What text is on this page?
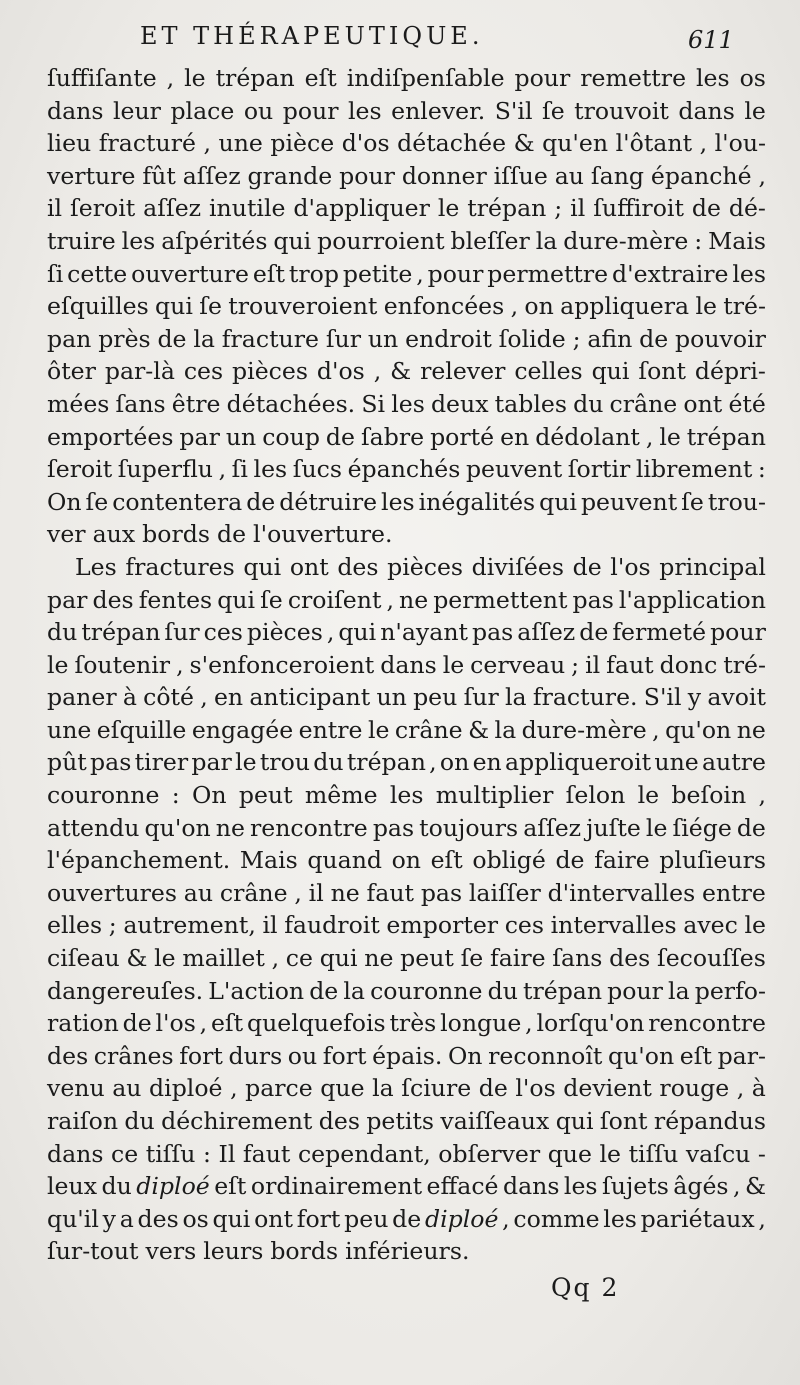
ET THÉRAPEUTIQUE.	611
ſuffiſante , le trépan eſt indiſpenſable pour remettre les os
dans leur place ou pour les enlever. S'il ſe trouvoit dans le
lieu fracturé , une pièce d'os détachée & qu'en l'ôtant , l'ou-
verture fût aſſez grande pour donner iſſue au ſang épanché ,
il ſeroit aſſez inutile d'appliquer le trépan ; il ſuffiroit de dé-
truire les aſpérités qui pourroient bleſſer la dure-mère : Mais
ſi cette ouverture eſt trop petite , pour permettre d'extraire les
eſquilles qui ſe trouveroient enfoncées , on appliquera le tré-
pan près de la fracture ſur un endroit ſolide ; afin de pouvoir
ôter par-là ces pièces d'os , & relever celles qui ſont dépri-
mées ſans être détachées. Si les deux tables du crâne ont été
emportées par un coup de ſabre porté en dédolant , le trépan
ſeroit ſuperflu , ſi les ſucs épanchés peuvent ſortir librement :
On ſe contentera de détruire les inégalités qui peuvent ſe trou-
ver aux bords de l'ouverture.
Les fractures qui ont des pièces diviſées de l'os principal
par des fentes qui ſe croiſent , ne permettent pas l'application
du trépan ſur ces pièces , qui n'ayant pas aſſez de fermeté pour
le ſoutenir , s'enfonceroient dans le cerveau ; il faut donc tré-
paner à côté , en anticipant un peu ſur la fracture. S'il y avoit
une eſquille engagée entre le crâne & la dure-mère , qu'on ne
pût pas tirer par le trou du trépan , on en appliqueroit une autre
couronne : On peut même les multiplier ſelon le beſoin ,
attendu qu'on ne rencontre pas toujours aſſez juſte le ſiége de
l'épanchement. Mais quand on eſt obligé de faire pluſieurs
ouvertures au crâne , il ne faut pas laiſſer d'intervalles entre
elles ; autrement, il faudroit emporter ces intervalles avec le
ciſeau & le maillet , ce qui ne peut ſe faire ſans des ſecouſſes
dangereuſes. L'action de la couronne du trépan pour la perfo-
ration de l'os , eſt quelquefois très longue , lorſqu'on rencontre
des crânes fort durs ou fort épais. On reconnoît qu'on eſt par-
venu au diploé , parce que la ſciure de l'os devient rouge , à
raiſon du déchirement des petits vaiſſeaux qui ſont répandus
dans ce tiſſu : Il faut cependant, obſerver que le tiſſu vaſcu -
leux du diploé eſt ordinairement effacé dans les ſujets âgés , &
qu'il y a des os qui ont fort peu de diploé , comme les pariétaux ,
ſur-tout vers leurs bords inférieurs.
Qq 2
